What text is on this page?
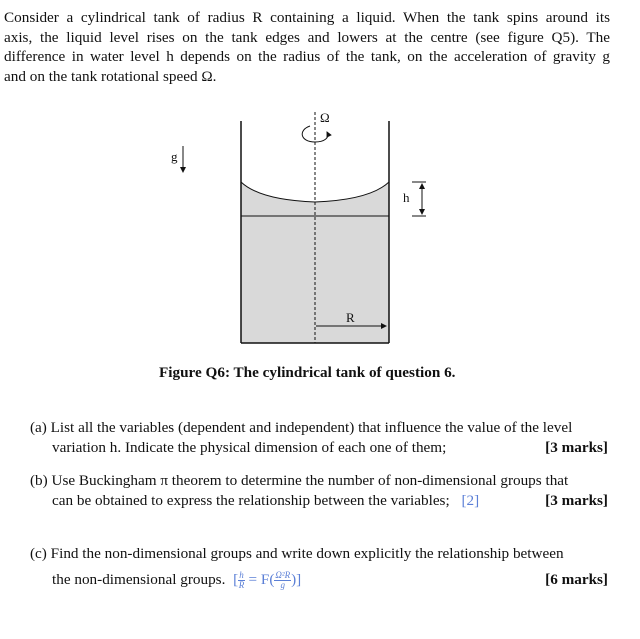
Consider a cylindrical tank of radius R containing a liquid. When the tank spins around its
axis, the liquid level rises on the tank edges and lowers at the centre (see figure Q5). The
difference in water level h depends on the radius of the tank, on the acceleration of gravity g
and on the tank rotational speed Ω.
g
Ω
h
R
Figure Q6: The cylindrical tank of question 6.
(a) List all the variables (dependent and independent) that influence the value of the level
variation h. Indicate the physical dimension of each one of them;	[3 marks]
(b) Use Buckingham π theorem to determine the number of non-dimensional groups that
can be obtained to express the relationship between the variables; [2]	[3 marks]
(c) Find the non-dimensional groups and write down explicitly the relationship between
the non-dimensional groups. [ $\frac{h}{R} = F( \frac{\text{Ω²R}}{g}$ )]	[6 marks]
